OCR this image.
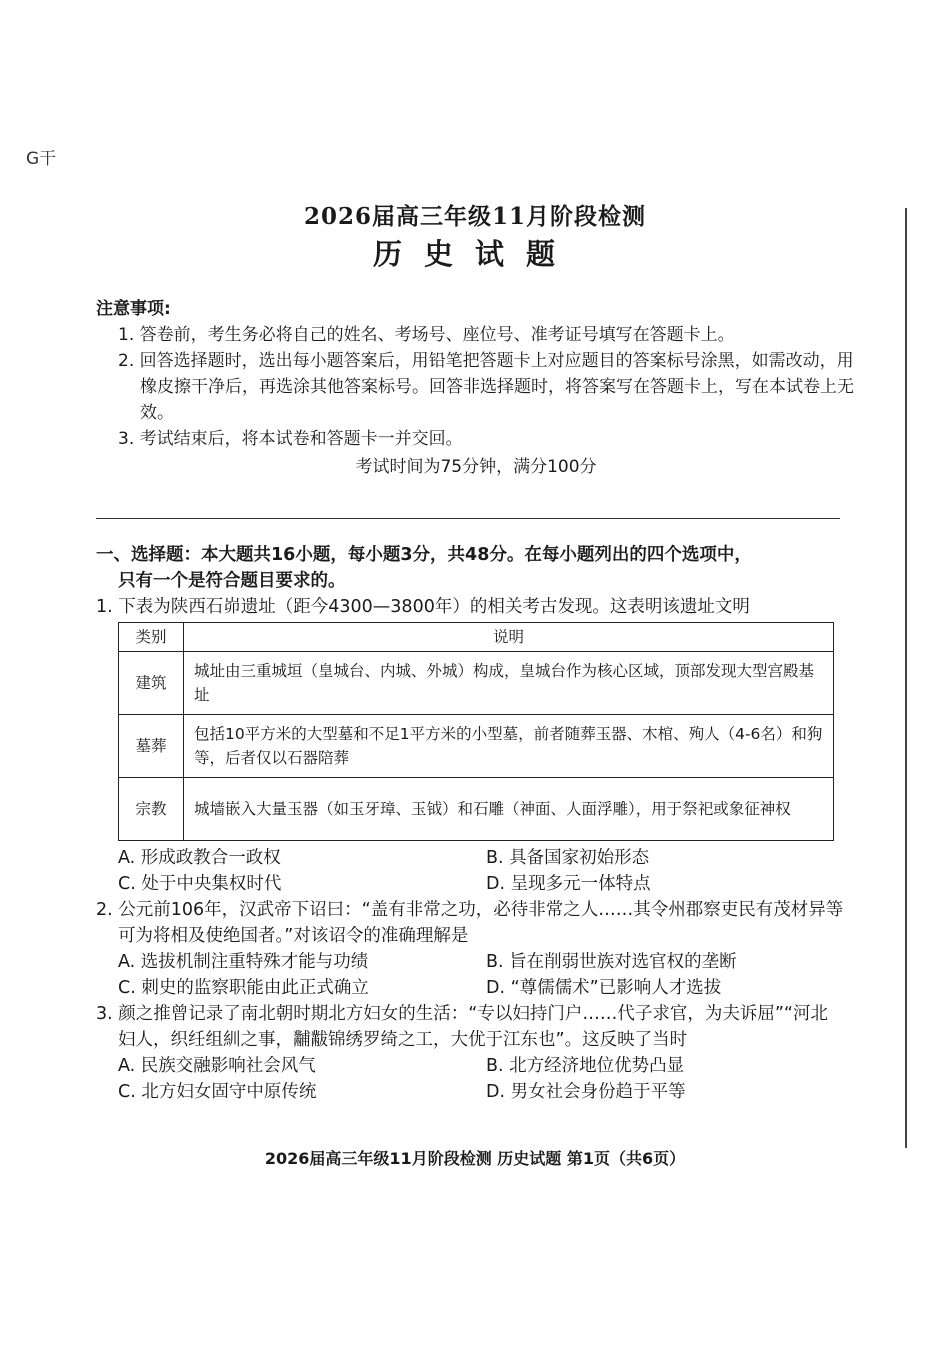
G干
2026届高三年级11月阶段检测
历史试题
注意事项:
1. 答卷前，考生务必将自己的姓名、考场号、座位号、准考证号填写在答题卡上。
2. 回答选择题时，选出每小题答案后，用铅笔把答题卡上对应题目的答案标号涂黑，如需改动，用橡皮擦干净后，再选涂其他答案标号。回答非选择题时，将答案写在答题卡上，写在本试卷上无效。
3. 考试结束后，将本试卷和答题卡一并交回。
考试时间为75分钟，满分100分
一、选择题：本大题共16小题，每小题3分，共48分。在每小题列出的四个选项中，
只有一个是符合题目要求的。
1. 下表为陕西石峁遗址（距今4300—3800年）的相关考古发现。这表明该遗址文明
类别	说明
建筑	城址由三重城垣（皇城台、内城、外城）构成，皇城台作为核心区域，顶部发现大型宫殿基址
墓葬	包括10平方米的大型墓和不足1平方米的小型墓，前者随葬玉器、木棺、殉人（4-6名）和狗等，后者仅以石器陪葬
宗教	城墙嵌入大量玉器（如玉牙璋、玉钺）和石雕（神面、人面浮雕），用于祭祀或象征神权
A. 形成政教合一政权	B. 具备国家初始形态
C. 处于中央集权时代	D. 呈现多元一体特点
2. 公元前106年，汉武帝下诏曰：“盖有非常之功，必待非常之人……其令州郡察吏民有茂材异等可为将相及使绝国者。”对该诏令的准确理解是
A. 选拔机制注重特殊才能与功绩	B. 旨在削弱世族对选官权的垄断
C. 刺史的监察职能由此正式确立	D. “尊儒儒术”已影响人才选拔
3. 颜之推曾记录了南北朝时期北方妇女的生活：“专以妇持门户……代子求官，为夫诉屈”“河北妇人，织纴组紃之事，黼黻锦绣罗绮之工，大优于江东也”。这反映了当时
A. 民族交融影响社会风气	B. 北方经济地位优势凸显
C. 北方妇女固守中原传统	D. 男女社会身份趋于平等
2026届高三年级11月阶段检测 历史试题 第1页（共6页）
